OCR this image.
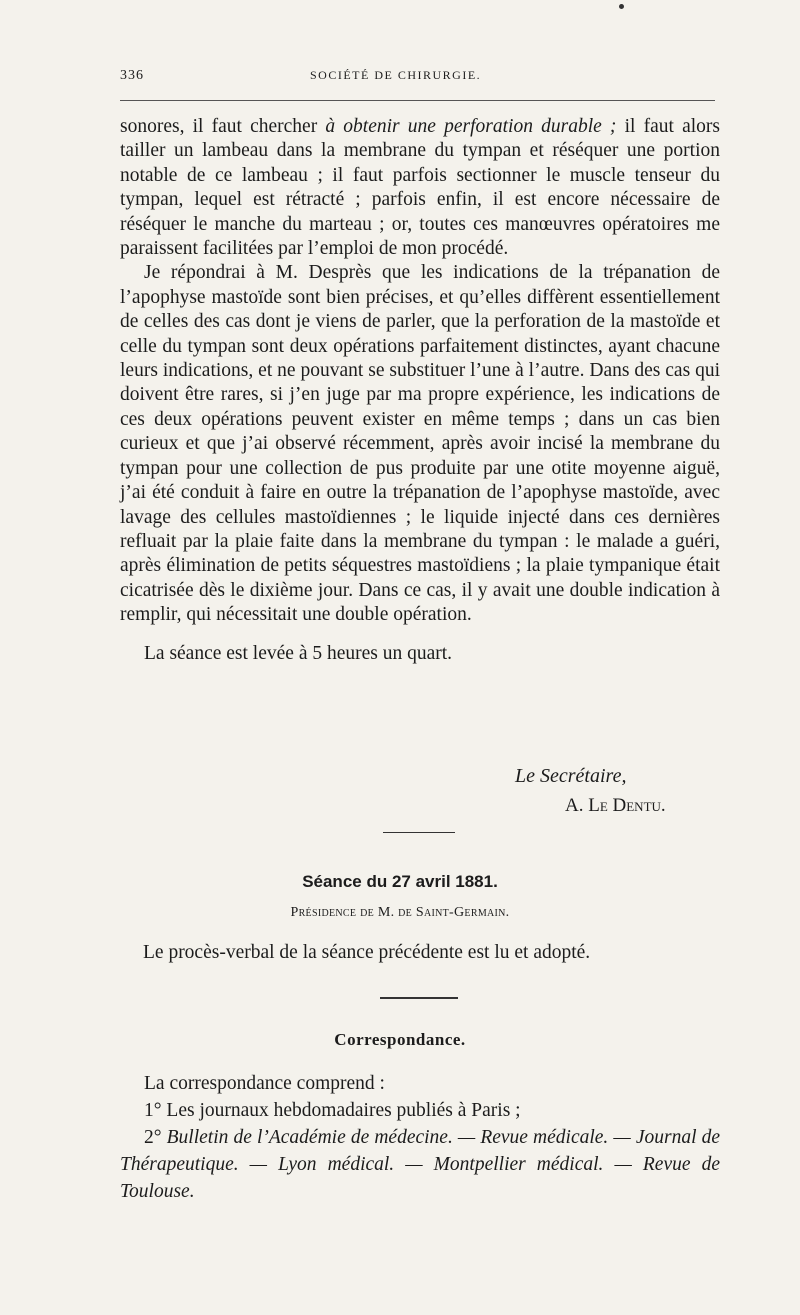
336	SOCIÉTÉ DE CHIRURGIE.

sonores, il faut chercher à obtenir une perforation durable ; il faut alors tailler un lambeau dans la membrane du tympan et réséquer une portion notable de ce lambeau ; il faut parfois sectionner le muscle tenseur du tympan, lequel est rétracté ; parfois enfin, il est encore nécessaire de réséquer le manche du marteau ; or, toutes ces manœuvres opératoires me paraissent facilitées par l’emploi de mon procédé.

Je répondrai à M. Desprès que les indications de la trépanation de l’apophyse mastoïde sont bien précises, et qu’elles diffèrent essentiellement de celles des cas dont je viens de parler, que la perforation de la mastoïde et celle du tympan sont deux opérations parfaitement distinctes, ayant chacune leurs indications, et ne pouvant se substituer l’une à l’autre. Dans des cas qui doivent être rares, si j’en juge par ma propre expérience, les indications de ces deux opérations peuvent exister en même temps ; dans un cas bien curieux et que j’ai observé récemment, après avoir incisé la membrane du tympan pour une collection de pus produite par une otite moyenne aiguë, j’ai été conduit à faire en outre la trépanation de l’apophyse mastoïde, avec lavage des cellules mastoïdiennes ; le liquide injecté dans ces dernières refluait par la plaie faite dans la membrane du tympan : le malade a guéri, après élimination de petits séquestres mastoïdiens ; la plaie tympanique était cicatrisée dès le dixième jour. Dans ce cas, il y avait une double indication à remplir, qui nécessitait une double opération.

La séance est levée à 5 heures un quart.

Le Secrétaire,
A. Le Dentu.
Séance du 27 avril 1881.
Présidence de M. de Saint-Germain.
Le procès-verbal de la séance précédente est lu et adopté.
Correspondance.

La correspondance comprend :

1° Les journaux hebdomadaires publiés à Paris ;

2° Bulletin de l’Académie de médecine. — Revue médicale. — Journal de Thérapeutique. — Lyon médical. — Montpellier médical. — Revue de Toulouse.
